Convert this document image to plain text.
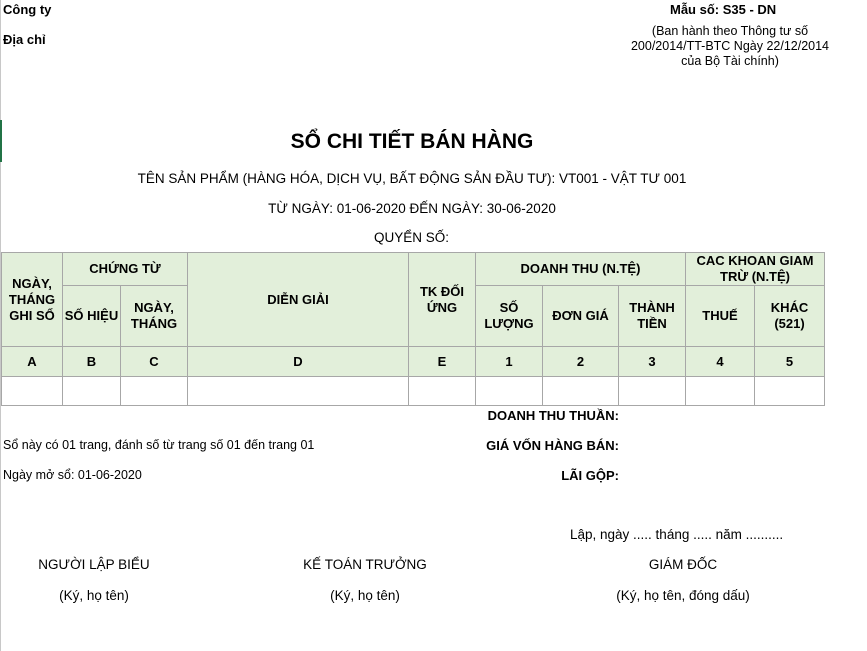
Công ty
Địa chỉ
Mẫu số: S35 - DN
(Ban hành theo Thông tư số 200/2014/TT-BTC Ngày 22/12/2014 của Bộ Tài chính)
SỔ CHI TIẾT BÁN HÀNG
TÊN SẢN PHẨM (HÀNG HÓA, DỊCH VỤ, BẤT ĐỘNG SẢN ĐẦU TƯ): VT001 - VẬT TƯ 001
TỪ NGÀY: 01-06-2020 ĐẾN NGÀY: 30-06-2020
QUYỂN SỐ:
NGÀY, THÁNG GHI SỔ	CHỨNG TỪ		DIỄN GIẢI	TK ĐỐI ỨNG	DOANH THU (N.TỆ)			CAC KHOAN GIAM TRỪ (N.TỆ)	
	SỐ HIỆU	NGÀY, THÁNG			SỐ LƯỢNG	ĐƠN GIÁ	THÀNH TIỀN	THUẾ	KHÁC (521)
A	B	C	D	E	1	2	3	4	5

DOANH THU THUẦN:
GIÁ VỐN HÀNG BÁN:
LÃI GỘP:
Sổ này có 01 trang, đánh số từ trang số 01 đến trang 01
Ngày mở sổ: 01-06-2020
Lập, ngày ..... tháng ..... năm ..........
NGƯỜI LẬP BIỂU
(Ký, họ tên)
KẾ TOÁN TRƯỞNG
(Ký, họ tên)
GIÁM ĐỐC
(Ký, họ tên, đóng dấu)
